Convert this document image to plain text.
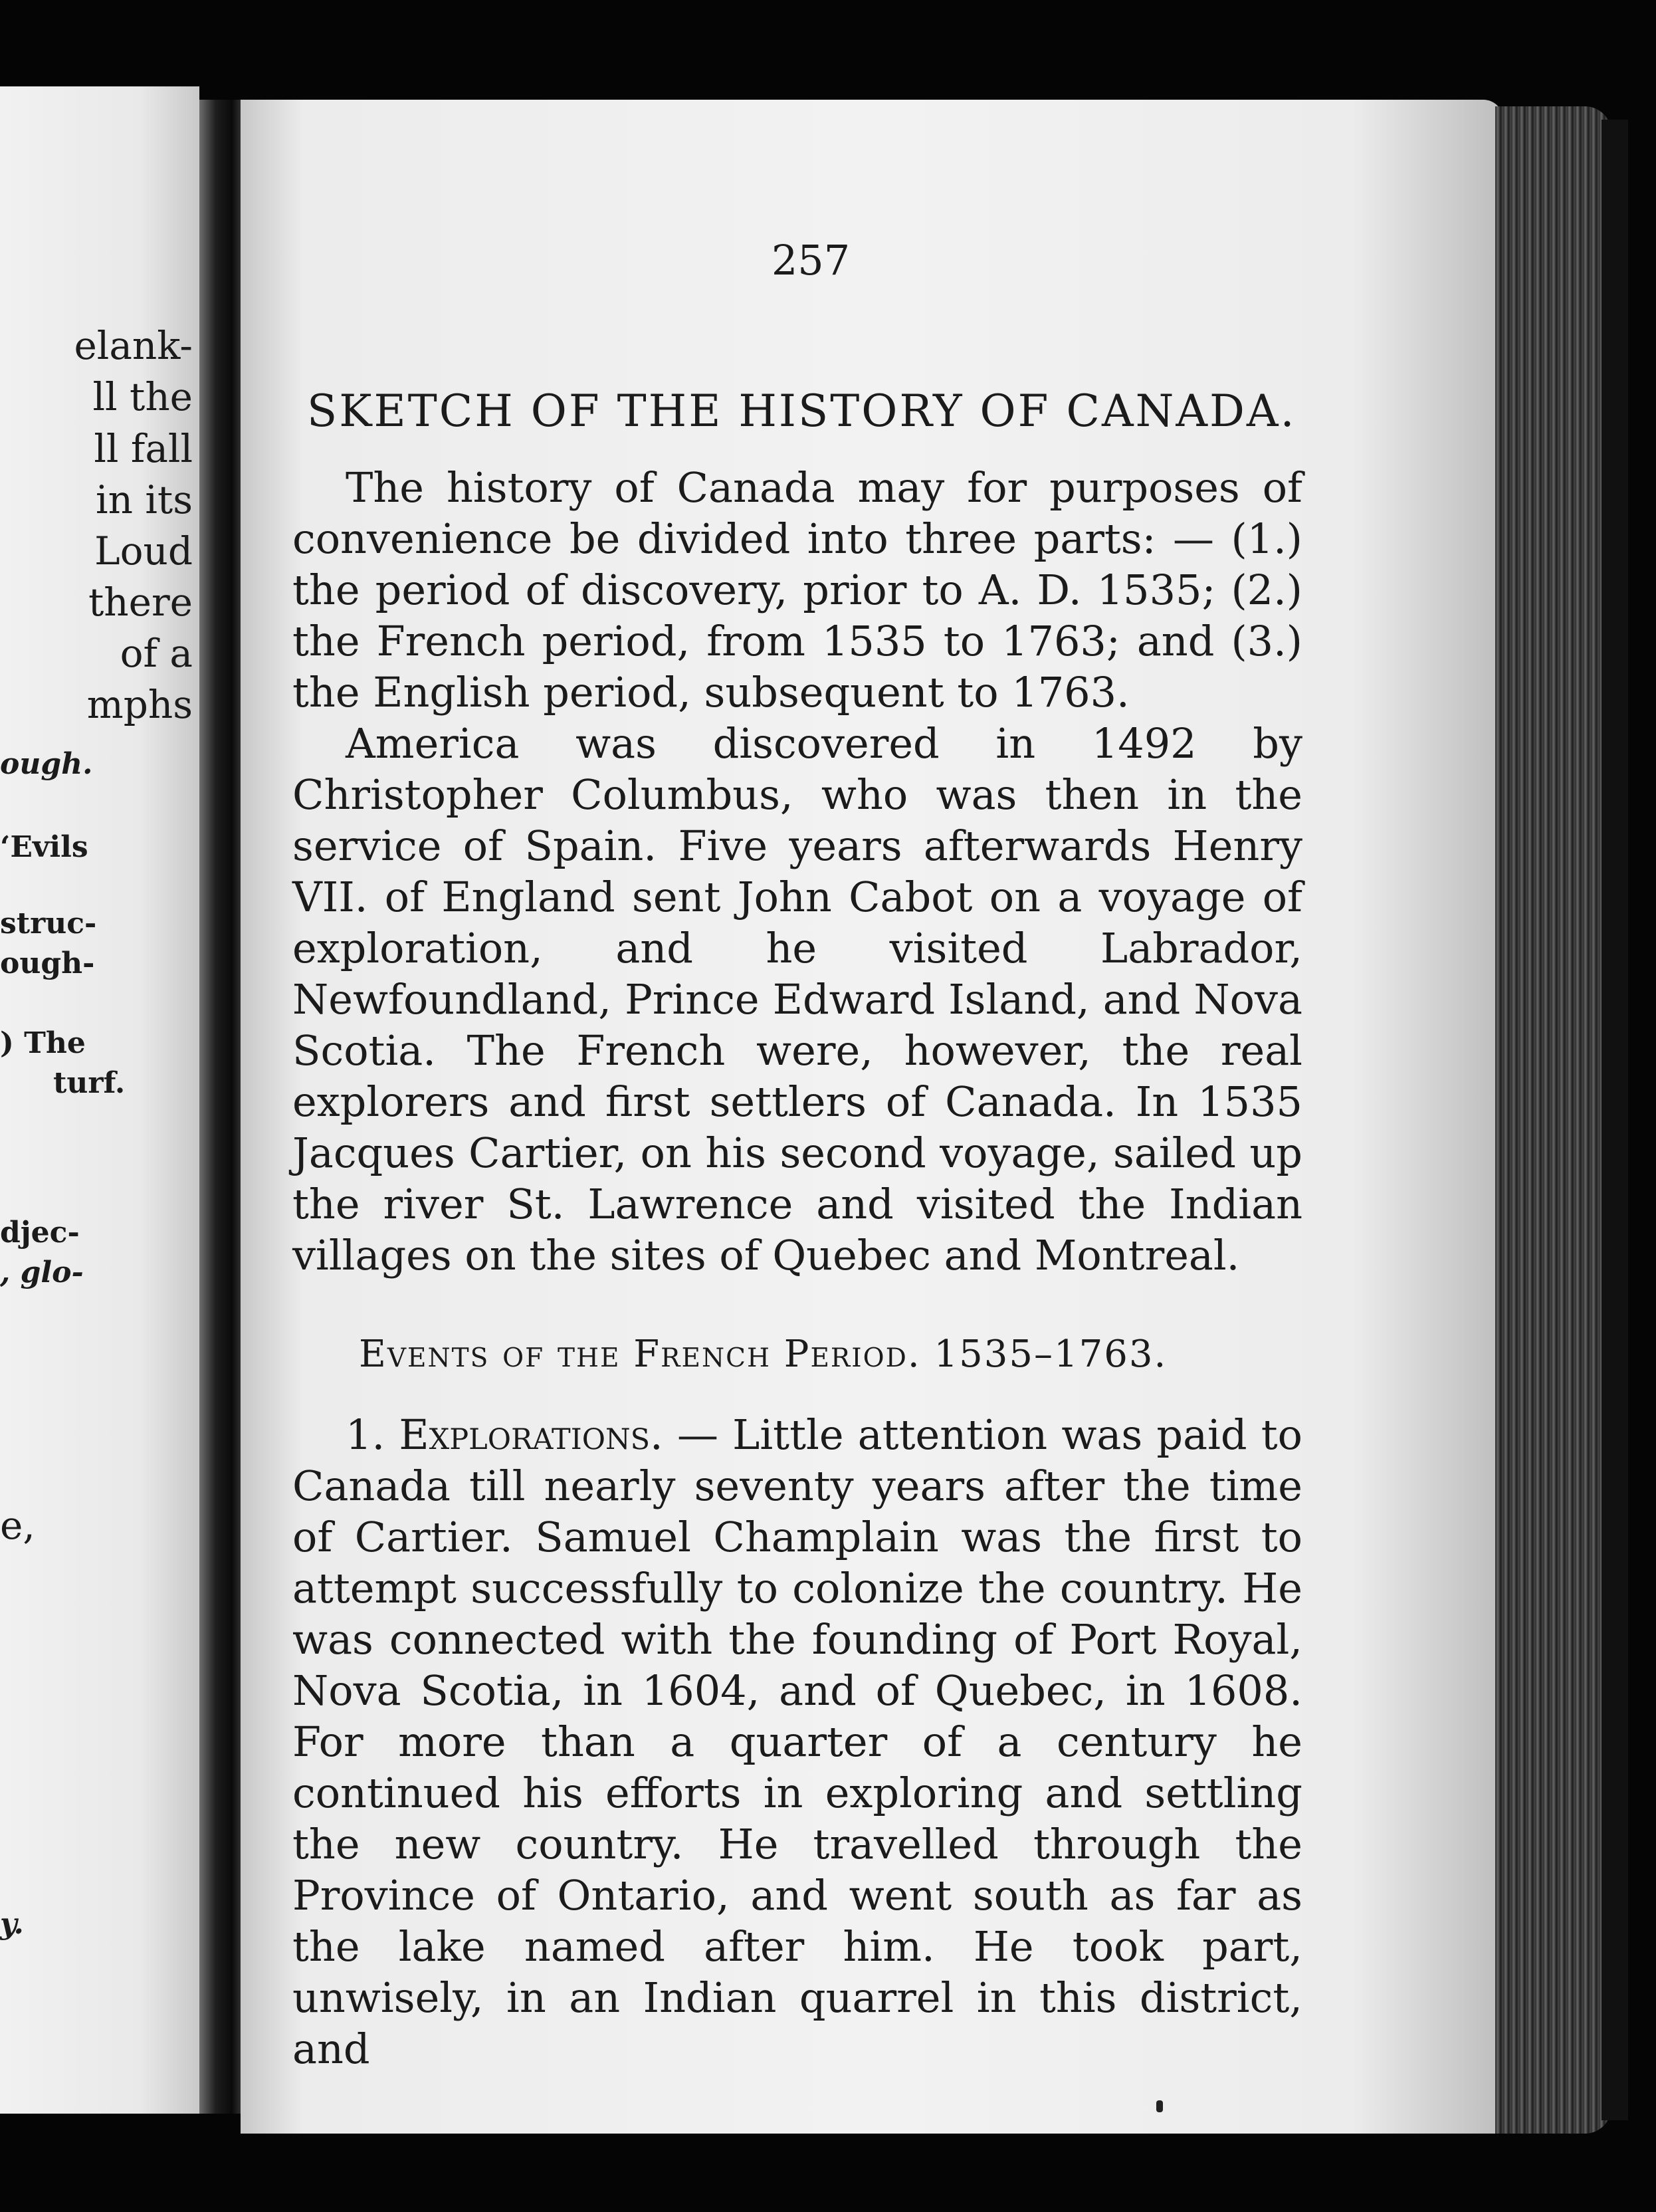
elank-
ll the
ll fall
in its
Loud
there
of a
mphs
ough.
‘Evils
struc-
ough-
) The
turf.
djec-
, glo-
e,
y.
257
SKETCH OF THE HISTORY OF CANADA.

The history of Canada may for purposes of convenience be divided into three parts: — (1.) the period of discovery, prior to A. D. 1535; (2.) the French period, from 1535 to 1763; and (3.) the English period, subsequent to 1763.

America was discovered in 1492 by Christopher Columbus, who was then in the service of Spain. Five years afterwards Henry VII. of England sent John Cabot on a voyage of exploration, and he visited Labrador, Newfoundland, Prince Edward Island, and Nova Scotia. The French were, however, the real explorers and first settlers of Canada. In 1535 Jacques Cartier, on his second voyage, sailed up the river St. Lawrence and visited the Indian villages on the sites of Quebec and Montreal.

Events of the French Period. 1535–1763.

1. Explorations. — Little attention was paid to Canada till nearly seventy years after the time of Cartier. Samuel Champlain was the first to attempt successfully to colonize the country. He was connected with the founding of Port Royal, Nova Scotia, in 1604, and of Quebec, in 1608. For more than a quarter of a century he continued his efforts in exploring and settling the new country. He travelled through the Province of Ontario, and went south as far as the lake named after him. He took part, unwisely, in an Indian quarrel in this district, and
